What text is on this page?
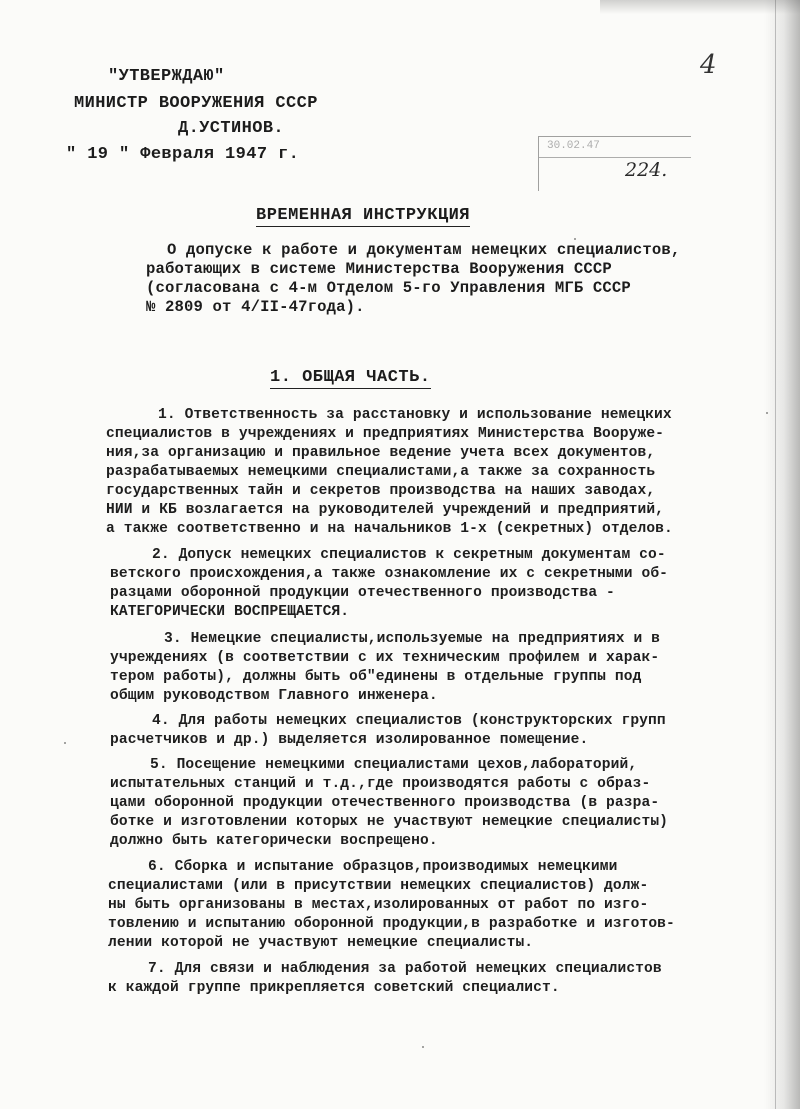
"УТВЕРЖДАЮ"
МИНИСТР ВООРУЖЕНИЯ СССР
Д.УСТИНОВ.
" 19 " Февраля 1947 г.
4
30.02.47
224.
ВРЕМЕННАЯ ИНСТРУКЦИЯ
О допуске к работе и документам немецких специалистов,
работающих в системе Министерства Вооружения СССР
(согласована с 4-м Отделом 5-го Управления МГБ СССР
№ 2809 от 4/II-47года).
1. ОБЩАЯ ЧАСТЬ.
1. Ответственность за расстановку и использование немецких
специалистов в учреждениях и предприятиях Министерства Вооруже-
ния,за организацию и правильное ведение учета всех документов,
разрабатываемых немецкими специалистами,а также за сохранность
государственных тайн и секретов производства на наших заводах,
НИИ и КБ возлагается на руководителей учреждений и предприятий,
а также соответственно и на начальников 1-х (секретных) отделов.
2. Допуск немецких специалистов к секретным документам со-
ветского происхождения,а также ознакомление их с секретными об-
разцами оборонной продукции отечественного производства -
КАТЕГОРИЧЕСКИ ВОСПРЕЩАЕТСЯ.
3. Немецкие специалисты,используемые на предприятиях и в
учреждениях (в соответствии с их техническим профилем и харак-
тером работы), должны быть об"единены в отдельные группы под
общим руководством Главного инженера.
4. Для работы немецких специалистов (конструкторских групп
расчетчиков и др.) выделяется изолированное помещение.
5. Посещение немецкими специалистами цехов,лабораторий,
испытательных станций и т.д.,где производятся работы с образ-
цами оборонной продукции отечественного производства (в разра-
ботке и изготовлении которых не участвуют немецкие специалисты)
должно быть категорически воспрещено.
6. Сборка и испытание образцов,производимых немецкими
специалистами (или в присутствии немецких специалистов) долж-
ны быть организованы в местах,изолированных от работ по изго-
товлению и испытанию оборонной продукции,в разработке и изготов-
лении которой не участвуют немецкие специалисты.
7. Для связи и наблюдения за работой немецких специалистов
к каждой группе прикрепляется советский специалист.
